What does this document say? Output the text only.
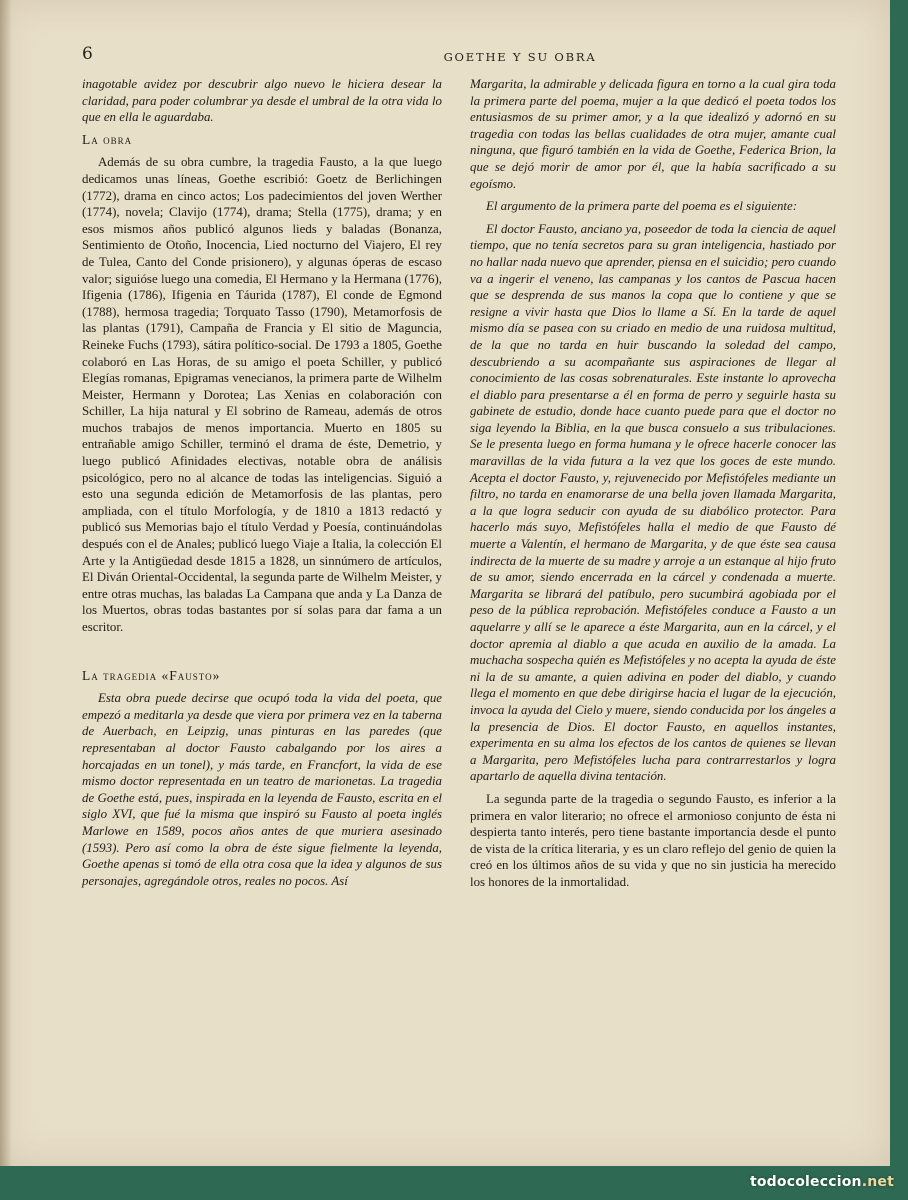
6	GOETHE Y SU OBRA

inagotable avidez por descubrir algo nuevo le hiciera desear la claridad, para poder columbrar ya desde el umbral de la otra vida lo que en ella le aguardaba.

La obra

Además de su obra cumbre, la tragedia Fausto, a la que luego dedicamos unas líneas, Goethe escribió: Goetz de Berlichingen (1772), drama en cinco actos; Los padecimientos del joven Werther (1774), novela; Clavijo (1774), drama; Stella (1775), drama; y en esos mismos años publicó algunos lieds y baladas (Bonanza, Sentimiento de Otoño, Inocencia, Lied nocturno del Viajero, El rey de Tulea, Canto del Conde prisionero), y algunas óperas de escaso valor; siguióse luego una comedia, El Hermano y la Hermana (1776), Ifigenia (1786), Ifigenia en Táurida (1787), El conde de Egmond (1788), hermosa tragedia; Torquato Tasso (1790), Metamorfosis de las plantas (1791), Campaña de Francia y El sitio de Maguncia, Reineke Fuchs (1793), sátira político-social. De 1793 a 1805, Goethe colaboró en Las Horas, de su amigo el poeta Schiller, y publicó Elegías romanas, Epigramas venecianos, la primera parte de Wilhelm Meister, Hermann y Dorotea; Las Xenias en colaboración con Schiller, La hija natural y El sobrino de Rameau, además de otros muchos trabajos de menos importancia. Muerto en 1805 su entrañable amigo Schiller, terminó el drama de éste, Demetrio, y luego publicó Afinidades electivas, notable obra de análisis psicológico, pero no al alcance de todas las inteligencias. Siguió a esto una segunda edición de Metamorfosis de las plantas, pero ampliada, con el título Morfología, y de 1810 a 1813 redactó y publicó sus Memorias bajo el título Verdad y Poesía, continuándolas después con el de Anales; publicó luego Viaje a Italia, la colección El Arte y la Antigüedad desde 1815 a 1828, un sinnúmero de artículos, El Diván Oriental-Occidental, la segunda parte de Wilhelm Meister, y entre otras muchas, las baladas La Campana que anda y La Danza de los Muertos, obras todas bastantes por sí solas para dar fama a un escritor.

La tragedia «Fausto»

Esta obra puede decirse que ocupó toda la vida del poeta, que empezó a meditarla ya desde que viera por primera vez en la taberna de Auerbach, en Leipzig, unas pinturas en las paredes (que representaban al doctor Fausto cabalgando por los aires a horcajadas en un tonel), y más tarde, en Francfort, la vida de ese mismo doctor representada en un teatro de marionetas. La tragedia de Goethe está, pues, inspirada en la leyenda de Fausto, escrita en el siglo XVI, que fué la misma que inspiró su Fausto al poeta inglés Marlowe en 1589, pocos años antes de que muriera asesinado (1593). Pero así como la obra de éste sigue fielmente la leyenda, Goethe apenas si tomó de ella otra cosa que la idea y algunos de sus personajes, agregándole otros, reales no pocos. Así

Margarita, la admirable y delicada figura en torno a la cual gira toda la primera parte del poema, mujer a la que dedicó el poeta todos los entusiasmos de su primer amor, y a la que idealizó y adornó en su tragedia con todas las bellas cualidades de otra mujer, amante cual ninguna, que figuró también en la vida de Goethe, Federica Brion, la que se dejó morir de amor por él, que la había sacrificado a su egoísmo.

El argumento de la primera parte del poema es el siguiente:

El doctor Fausto, anciano ya, poseedor de toda la ciencia de aquel tiempo, que no tenía secretos para su gran inteligencia, hastiado por no hallar nada nuevo que aprender, piensa en el suicidio; pero cuando va a ingerir el veneno, las campanas y los cantos de Pascua hacen que se desprenda de sus manos la copa que lo contiene y que se resigne a vivir hasta que Dios lo llame a Sí. En la tarde de aquel mismo día se pasea con su criado en medio de una ruidosa multitud, de la que no tarda en huir buscando la soledad del campo, descubriendo a su acompañante sus aspiraciones de llegar al conocimiento de las cosas sobrenaturales. Este instante lo aprovecha el diablo para presentarse a él en forma de perro y seguirle hasta su gabinete de estudio, donde hace cuanto puede para que el doctor no siga leyendo la Biblia, en la que busca consuelo a sus tribulaciones. Se le presenta luego en forma humana y le ofrece hacerle conocer las maravillas de la vida futura a la vez que los goces de este mundo. Acepta el doctor Fausto, y, rejuvenecido por Mefistófeles mediante un filtro, no tarda en enamorarse de una bella joven llamada Margarita, a la que logra seducir con ayuda de su diabólico protector. Para hacerlo más suyo, Mefistófeles halla el medio de que Fausto dé muerte a Valentín, el hermano de Margarita, y de que éste sea causa indirecta de la muerte de su madre y arroje a un estanque al hijo fruto de su amor, siendo encerrada en la cárcel y condenada a muerte. Margarita se librará del patíbulo, pero sucumbirá agobiada por el peso de la pública reprobación. Mefistófeles conduce a Fausto a un aquelarre y allí se le aparece a éste Margarita, aun en la cárcel, y el doctor apremia al diablo a que acuda en auxilio de la amada. La muchacha sospecha quién es Mefistófeles y no acepta la ayuda de éste ni la de su amante, a quien adivina en poder del diablo, y cuando llega el momento en que debe dirigirse hacia el lugar de la ejecución, invoca la ayuda del Cielo y muere, siendo conducida por los ángeles a la presencia de Dios. El doctor Fausto, en aquellos instantes, experimenta en su alma los efectos de los cantos de quienes se llevan a Margarita, pero Mefistófeles lucha para contrarrestarlos y logra apartarlo de aquella divina tentación.

La segunda parte de la tragedia o segundo Fausto, es inferior a la primera en valor literario; no ofrece el armonioso conjunto de ésta ni despierta tanto interés, pero tiene bastante importancia desde el punto de vista de la crítica literaria, y es un claro reflejo del genio de quien la creó en los últimos años de su vida y que no sin justicia ha merecido los honores de la inmortalidad.

todocoleccion.net
